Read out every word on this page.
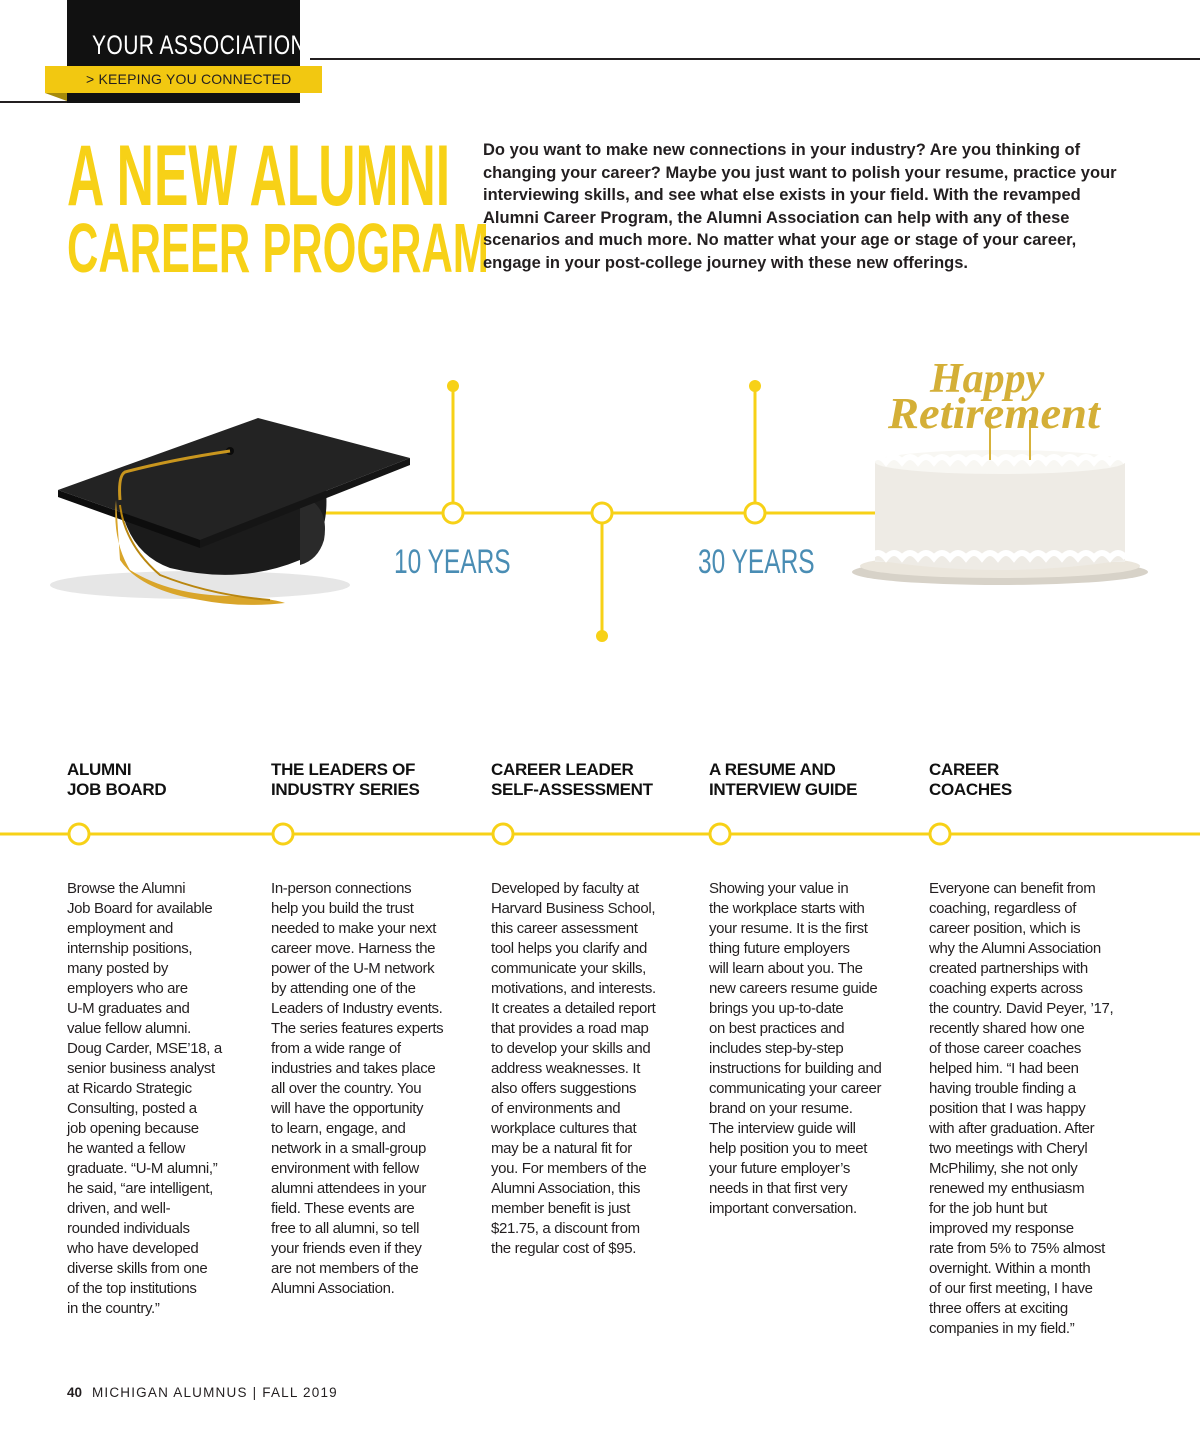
YOUR ASSOCIATION
> KEEPING YOU CONNECTED
A NEW ALUMNI
CAREER PROGRAM
Do you want to make new connections in your industry? Are you thinking of changing your career? Maybe you just want to polish your resume, practice your interviewing skills, and see what else exists in your field. With the revamped Alumni Career Program, the Alumni Association can help with any of these scenarios and much more. No matter what your age or stage of your career, engage in your post-college journey with these new offerings.
Happy
Retirement
10 YEARS	30 YEARS
ALUMNI
JOB BOARD
THE LEADERS OF
INDUSTRY SERIES
CAREER LEADER
SELF-ASSESSMENT
A RESUME AND
INTERVIEW GUIDE
CAREER
COACHES
Browse the Alumni
Job Board for available
employment and
internship positions,
many posted by
employers who are
U-M graduates and
value fellow alumni.
Doug Carder, MSE’18, a
senior business analyst
at Ricardo Strategic
Consulting, posted a
job opening because
he wanted a fellow
graduate. “U-M alumni,”
he said, “are intelligent,
driven, and well-
rounded individuals
who have developed
diverse skills from one
of the top institutions
in the country.”
In-person connections
help you build the trust
needed to make your next
career move. Harness the
power of the U-M network
by attending one of the
Leaders of Industry events.
The series features experts
from a wide range of
industries and takes place
all over the country. You
will have the opportunity
to learn, engage, and
network in a small-group
environment with fellow
alumni attendees in your
field. These events are
free to all alumni, so tell
your friends even if they
are not members of the
Alumni Association.
Developed by faculty at
Harvard Business School,
this career assessment
tool helps you clarify and
communicate your skills,
motivations, and interests.
It creates a detailed report
that provides a road map
to develop your skills and
address weaknesses. It
also offers suggestions
of environments and
workplace cultures that
may be a natural fit for
you. For members of the
Alumni Association, this
member benefit is just
$21.75, a discount from
the regular cost of $95.
Showing your value in
the workplace starts with
your resume. It is the first
thing future employers
will learn about you. The
new careers resume guide
brings you up-to-date
on best practices and
includes step-by-step
instructions for building and
communicating your career
brand on your resume.
The interview guide will
help position you to meet
your future employer’s
needs in that first very
important conversation.
Everyone can benefit from
coaching, regardless of
career position, which is
why the Alumni Association
created partnerships with
coaching experts across
the country. David Peyer, ’17,
recently shared how one
of those career coaches
helped him. “I had been
having trouble finding a
position that I was happy
with after graduation. After
two meetings with Cheryl
McPhilimy, she not only
renewed my enthusiasm
for the job hunt but
improved my response
rate from 5% to 75% almost
overnight. Within a month
of our first meeting, I have
three offers at exciting
companies in my field.”
40 MICHIGAN ALUMNUS | FALL 2019
